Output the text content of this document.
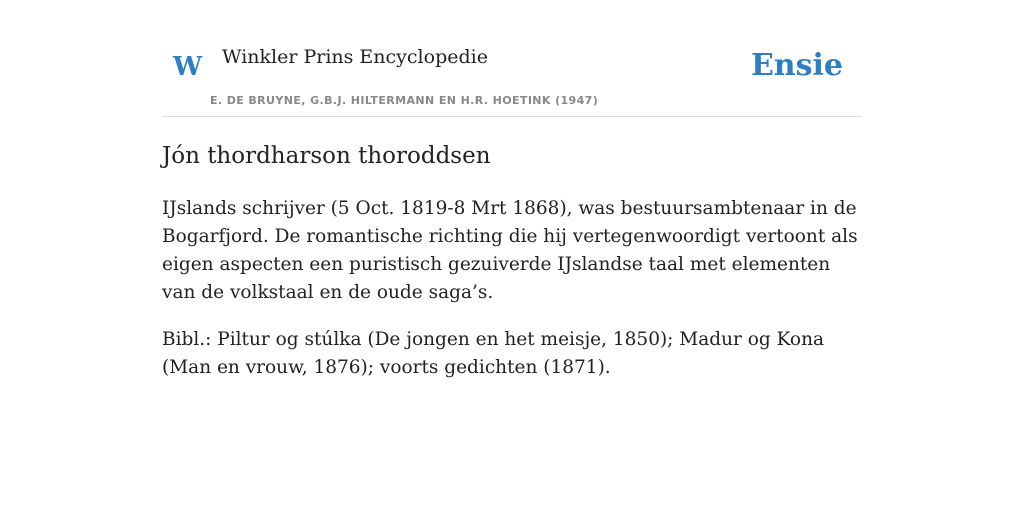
W Winkler Prins Encyclopedie
E. DE BRUYNE, G.B.J. HILTERMANN EN H.R. HOETINK (1947)
Ensie
Jón thordharson thoroddsen

IJslands schrijver (5 Oct. 1819-8 Mrt 1868), was bestuursambtenaar in de Bogarfjord. De romantische richting die hij vertegenwoordigt vertoont als eigen aspecten een puristisch gezuiverde IJslandse taal met elementen van de volkstaal en de oude saga’s.

Bibl.: Piltur og stúlka (De jongen en het meisje, 1850); Madur og Kona (Man en vrouw, 1876); voorts gedichten (1871).
